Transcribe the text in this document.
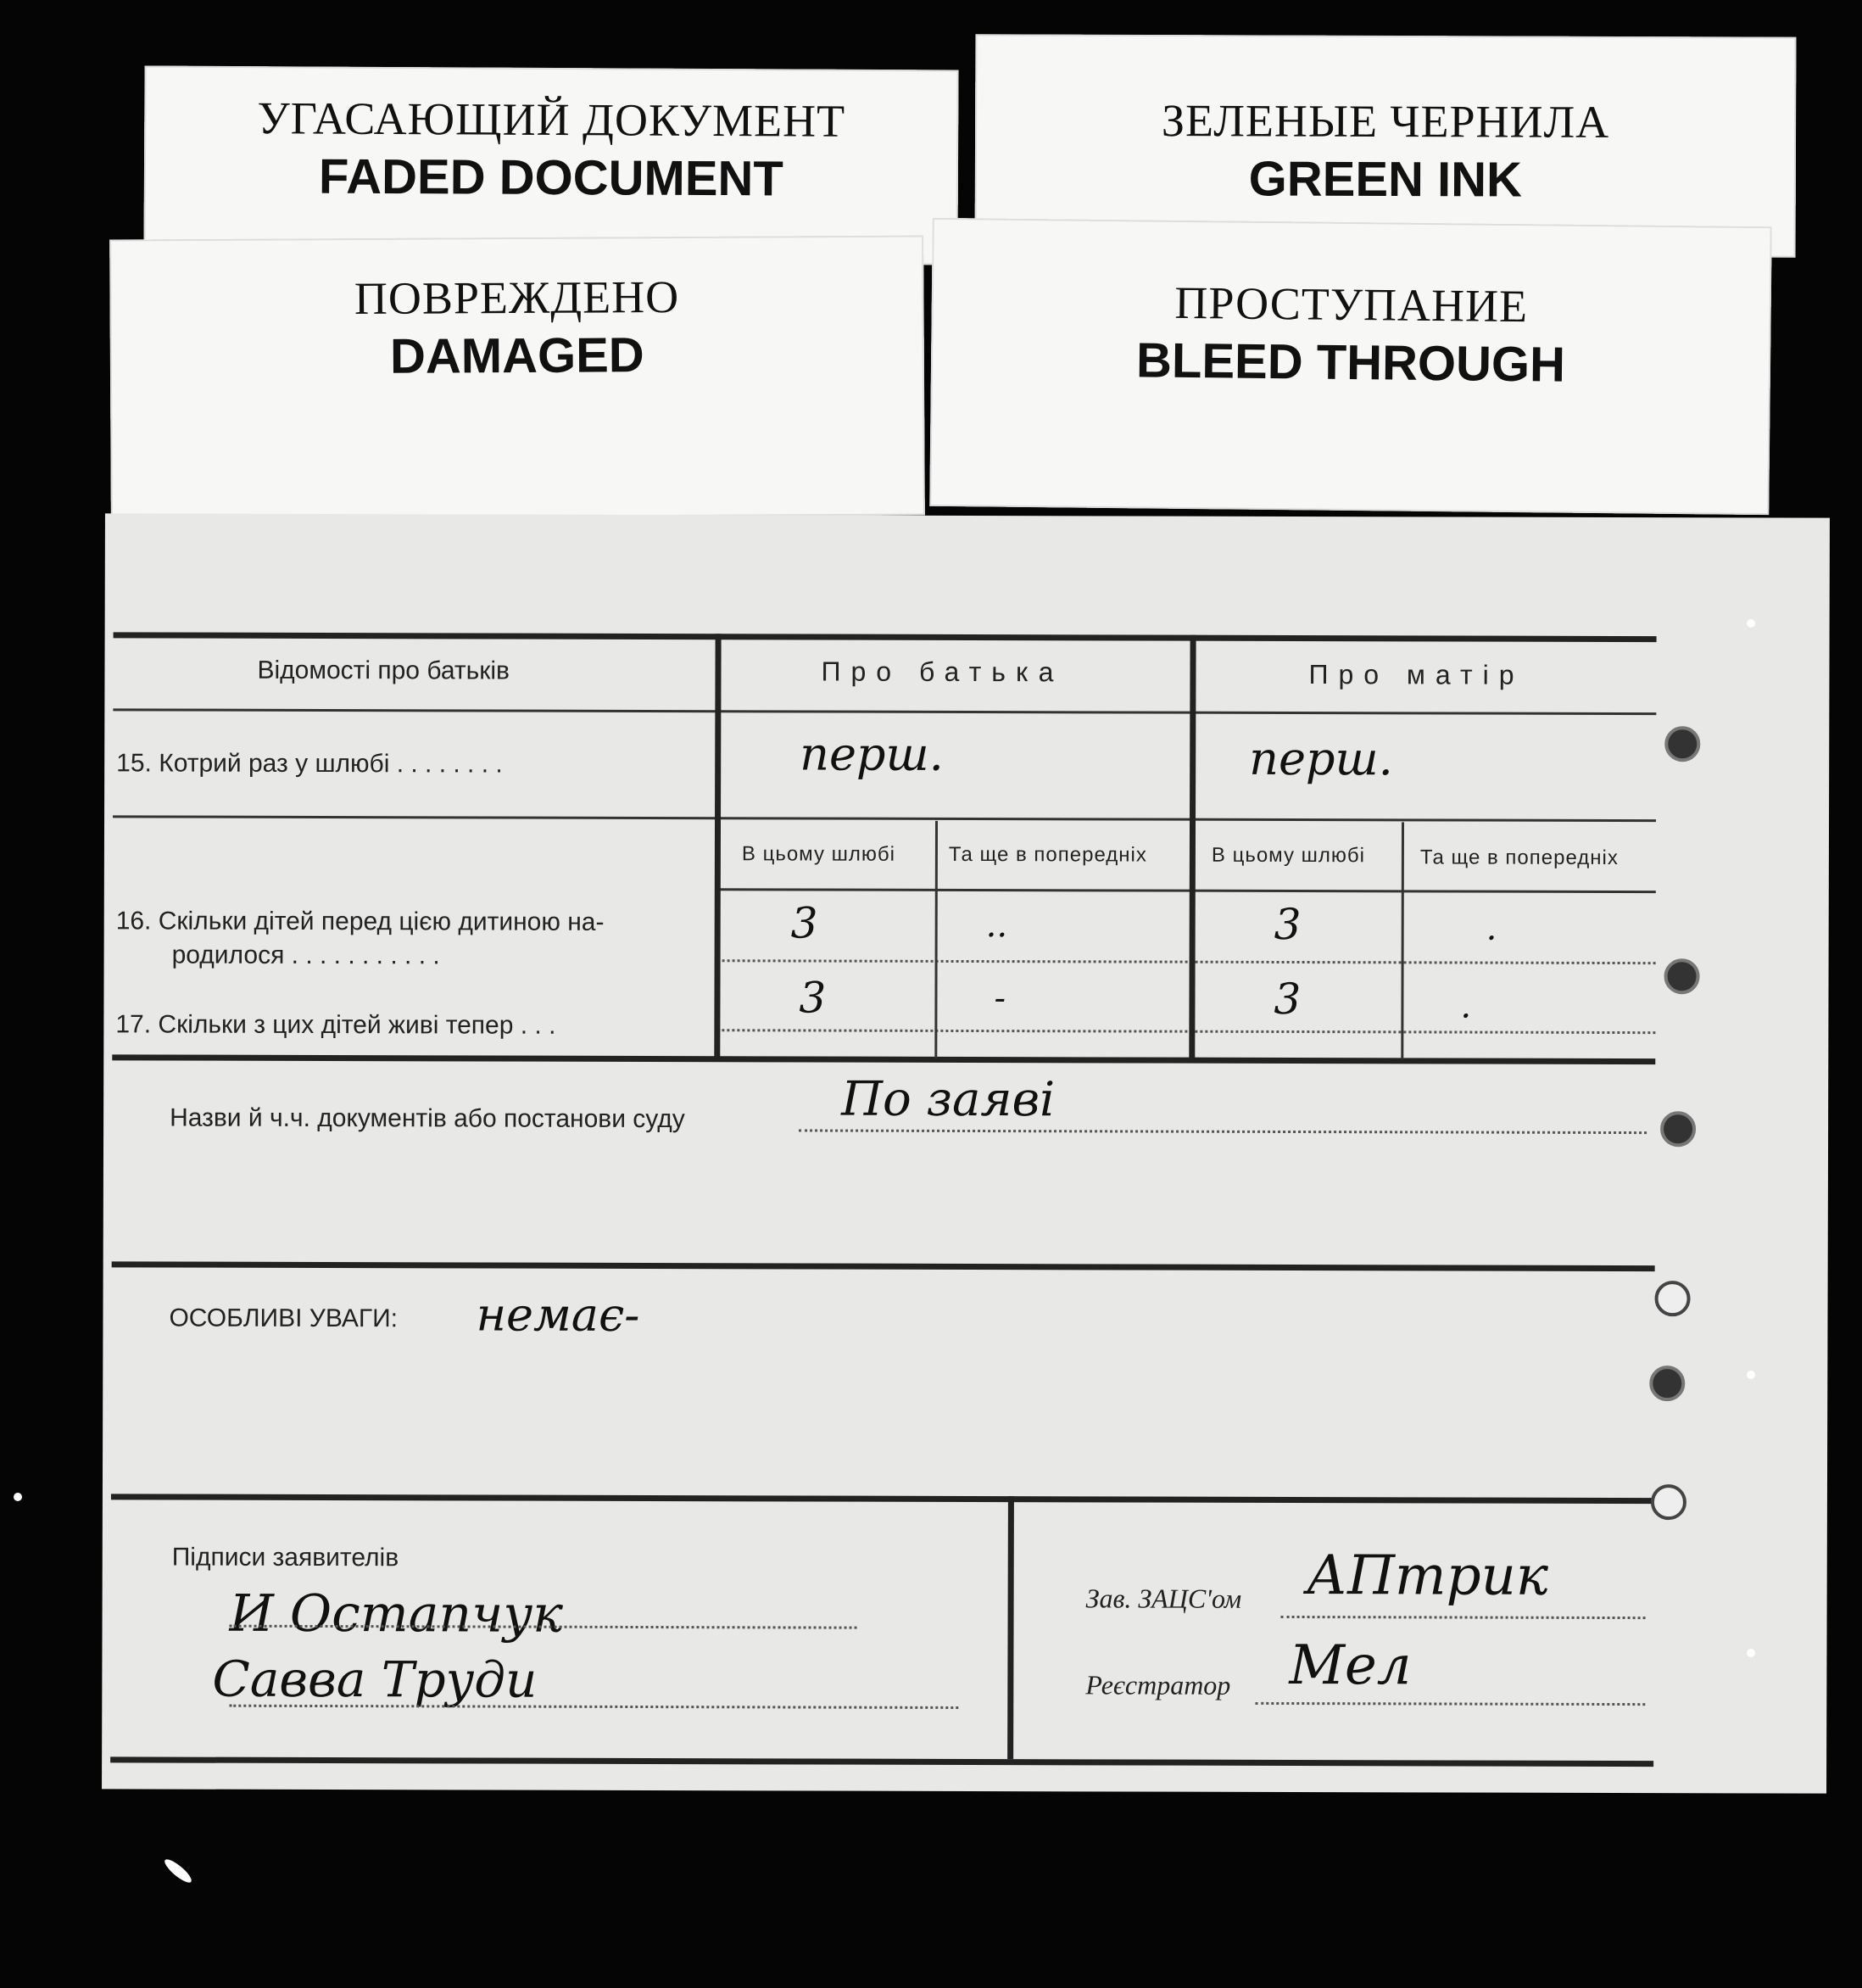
УГАСАЮЩИЙ ДОКУМЕНТ
FADED DOCUMENT
ЗЕЛЕНЫЕ ЧЕРНИЛА
GREEN INK
ПОВРЕЖДЕНО
DAMAGED
ПРОСТУПАНИЕ
BLEED THROUGH
Відомості про батьків	Про батька	Про матір
15. Котрий раз у шлюбі . . . . . . . .	перш.	перш.
В цьому шлюбі	Та ще в попередніх	В цьому шлюбі	Та ще в попередніх
16. Скільки дітей перед цією дитиною на-
родилося . . . . . . . . . . .
3	..	3	.
17. Скільки з цих дітей живі тепер . . .
3	-	3	.
Назви й ч.ч. документів або постанови суду	По заяві
ОСОБЛИВІ УВАГИ: немає-
Підписи заявителів
И Остапчук
Савва Труди
Зав. ЗАЦС'ом АПтрик
Реєстратор Мел
